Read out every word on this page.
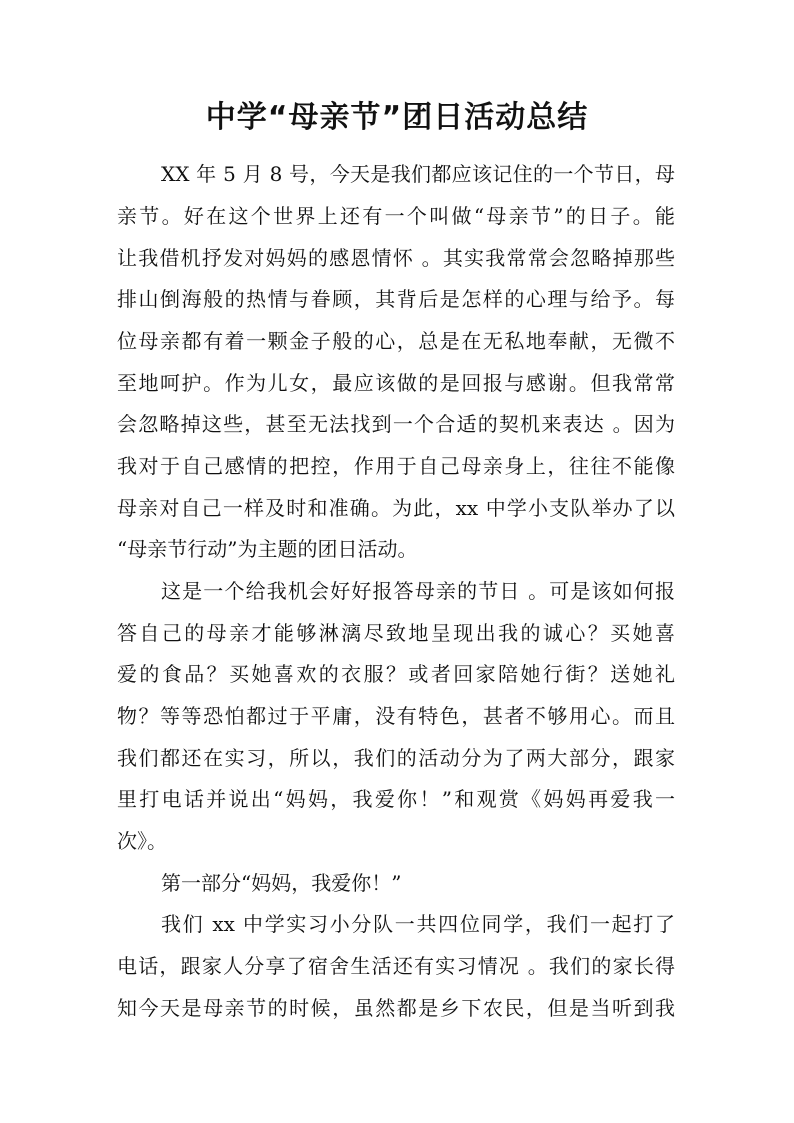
中学“母亲节”团日活动总结
XX 年 5 月 8 号，今天是我们都应该记住的一个节日，母
亲节。好在这个世界上还有一个叫做“母亲节”的日子。能
让我借机抒发对妈妈的感恩情怀 。其实我常常会忽略掉那些
排山倒海般的热情与眷顾，其背后是怎样的心理与给予。每
位母亲都有着一颗金子般的心，总是在无私地奉献，无微不
至地呵护。作为儿女，最应该做的是回报与感谢。但我常常
会忽略掉这些，甚至无法找到一个合适的契机来表达 。因为
我对于自己感情的把控，作用于自己母亲身上，往往不能像
母亲对自己一样及时和准确。为此，xx 中学小支队举办了以
“母亲节行动”为主题的团日活动。
这是一个给我机会好好报答母亲的节日 。可是该如何报
答自己的母亲才能够淋漓尽致地呈现出我的诚心？买她喜
爱的食品？买她喜欢的衣服？或者回家陪她行街？送她礼
物？等等恐怕都过于平庸，没有特色，甚者不够用心。而且
我们都还在实习，所以，我们的活动分为了两大部分，跟家
里打电话并说出“妈妈，我爱你！”和观赏《妈妈再爱我一
次》。
第一部分“妈妈，我爱你！”
我们 xx 中学实习小分队一共四位同学，我们一起打了
电话，跟家人分享了宿舍生活还有实习情况 。我们的家长得
知今天是母亲节的时候，虽然都是乡下农民，但是当听到我
